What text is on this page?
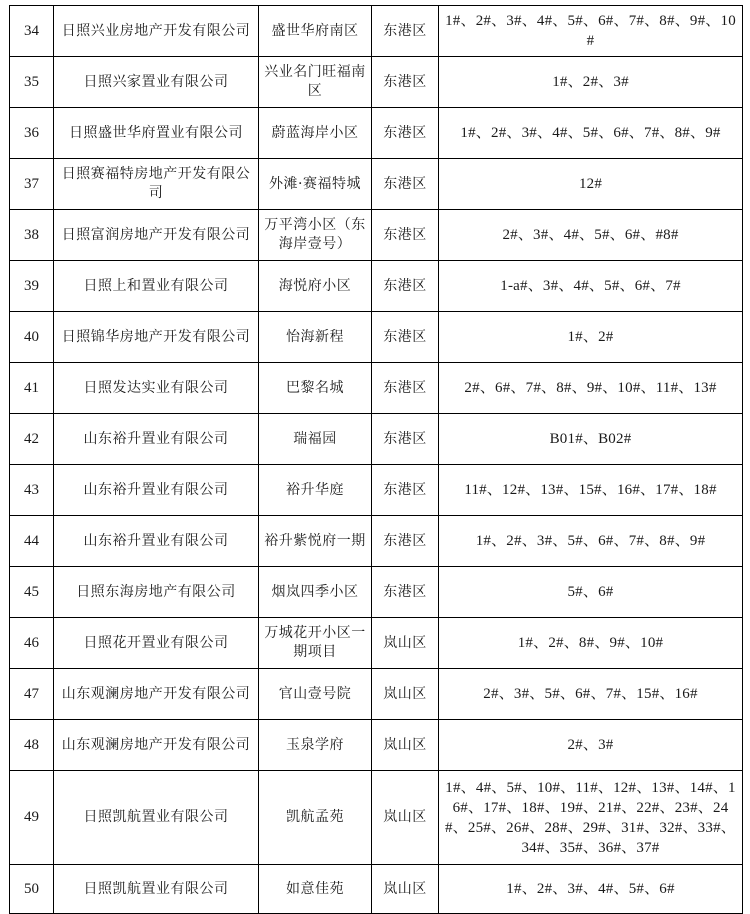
34	日照兴业房地产开发有限公司	盛世华府南区	东港区	1#、2#、3#、4#、5#、6#、7#、8#、9#、10#
35	日照兴家置业有限公司	兴业名门旺福南区	东港区	1#、2#、3#
36	日照盛世华府置业有限公司	蔚蓝海岸小区	东港区	1#、2#、3#、4#、5#、6#、7#、8#、9#
37	日照赛福特房地产开发有限公司	外滩·赛福特城	东港区	12#
38	日照富润房地产开发有限公司	万平湾小区（东海岸壹号）	东港区	2#、3#、4#、5#、6#、#8#
39	日照上和置业有限公司	海悦府小区	东港区	1-a#、3#、4#、5#、6#、7#
40	日照锦华房地产开发有限公司	怡海新程	东港区	1#、2#
41	日照发达实业有限公司	巴黎名城	东港区	2#、6#、7#、8#、9#、10#、11#、13#
42	山东裕升置业有限公司	瑞福园	东港区	B01#、B02#
43	山东裕升置业有限公司	裕升华庭	东港区	11#、12#、13#、15#、16#、17#、18#
44	山东裕升置业有限公司	裕升紫悦府一期	东港区	1#、2#、3#、5#、6#、7#、8#、9#
45	日照东海房地产有限公司	烟岚四季小区	东港区	5#、6#
46	日照花开置业有限公司	万城花开小区一期项目	岚山区	1#、2#、8#、9#、10#
47	山东观澜房地产开发有限公司	官山壹号院	岚山区	2#、3#、5#、6#、7#、15#、16#
48	山东观澜房地产开发有限公司	玉泉学府	岚山区	2#、3#
49	日照凯航置业有限公司	凯航孟苑	岚山区	1#、4#、5#、10#、11#、12#、13#、14#、16#、17#、18#、19#、21#、22#、23#、24#、25#、26#、28#、29#、31#、32#、33#、34#、35#、36#、37#
50	日照凯航置业有限公司	如意佳苑	岚山区	1#、2#、3#、4#、5#、6#
